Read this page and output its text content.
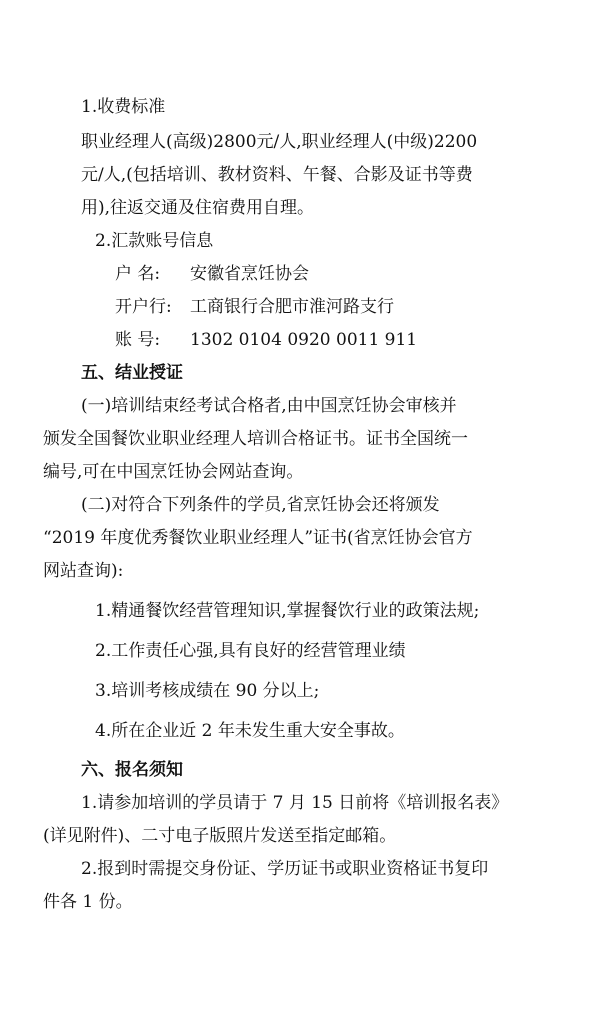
1.收费标准
职业经理人(高级)2800元/人,职业经理人(中级)2200
元/人,(包括培训、教材资料、午餐、合影及证书等费
用),往返交通及住宿费用自理。
2.汇款账号信息
户 名: 安徽省烹饪协会
开户行: 工商银行合肥市淮河路支行
账 号: 1302 0104 0920 0011 911
五、结业授证
(一)培训结束经考试合格者,由中国烹饪协会审核并
颁发全国餐饮业职业经理人培训合格证书。证书全国统一
编号,可在中国烹饪协会网站查询。
(二)对符合下列条件的学员,省烹饪协会还将颁发
“2019 年度优秀餐饮业职业经理人”证书(省烹饪协会官方
网站查询):
1.精通餐饮经营管理知识,掌握餐饮行业的政策法规;
2.工作责任心强,具有良好的经营管理业绩
3.培训考核成绩在 90 分以上;
4.所在企业近 2 年未发生重大安全事故。
六、报名须知
1.请参加培训的学员请于 7 月 15 日前将《培训报名表》
(详见附件)、二寸电子版照片发送至指定邮箱。
2.报到时需提交身份证、学历证书或职业资格证书复印
件各 1 份。
